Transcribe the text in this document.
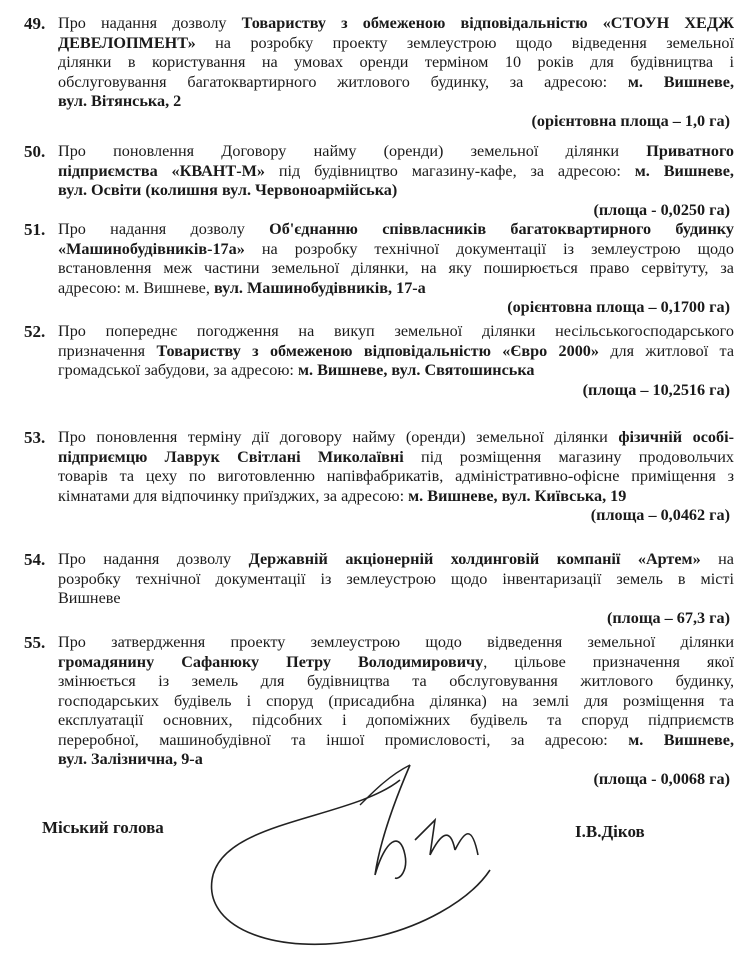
49. Про надання дозволу Товариству з обмеженою відповідальністю «СТОУН ХЕДЖ
ДЕВЕЛОПМЕНТ» на розробку проекту землеустрою щодо відведення земельної
ділянки в користування на умовах оренди терміном 10 років для будівництва і
обслуговування багатоквартирного житлового будинку, за адресою: м. Вишневе,
вул. Вітянська, 2
(орієнтовна площа – 1,0 га)
50. Про поновлення Договору найму (оренди) земельної ділянки Приватного
підприємства «КВАНТ-М» під будівництво магазину-кафе, за адресою: м. Вишневе,
вул. Освіти (колишня вул. Червоноармійська)
(площа - 0,0250 га)
51. Про надання дозволу Об'єднанню співвласників багатоквартирного будинку
«Машинобудівників-17а» на розробку технічної документації із землеустрою щодо
встановлення меж частини земельної ділянки, на яку поширюється право сервітуту, за
адресою: м. Вишневе, вул. Машинобудівників, 17-а
(орієнтовна площа – 0,1700 га)
52. Про попереднє погодження на викуп земельної ділянки несільськогосподарського
призначення Товариству з обмеженою відповідальністю «Євро 2000» для житлової та
громадської забудови, за адресою: м. Вишневе, вул. Святошинська
(площа – 10,2516 га)
53. Про поновлення терміну дії договору найму (оренди) земельної ділянки фізичній особі-
підприємцю Лаврук Світлані Миколаївні під розміщення магазину продовольчих
товарів та цеху по виготовленню напівфабрикатів, адміністративно-офісне приміщення з
кімнатами для відпочинку приїзджих, за адресою: м. Вишневе, вул. Київська, 19
(площа – 0,0462 га)
54. Про надання дозволу Державній акціонерній холдинговій компанії «Артем» на
розробку технічної документації із землеустрою щодо інвентаризації земель в місті
Вишневе
(площа – 67,3 га)
55. Про затвердження проекту землеустрою щодо відведення земельної ділянки
громадянину Сафанюку Петру Володимировичу, цільове призначення якої
змінюється із земель для будівництва та обслуговування житлового будинку,
господарських будівель і споруд (присадибна ділянка) на землі для розміщення та
експлуатації основних, підсобних і допоміжних будівель та споруд підприємств
переробної, машинобудівної та іншої промисловості, за адресою: м. Вишневе,
вул. Залізнична, 9-а
(площа - 0,0068 га)
Міський голова	І.В.Діков
